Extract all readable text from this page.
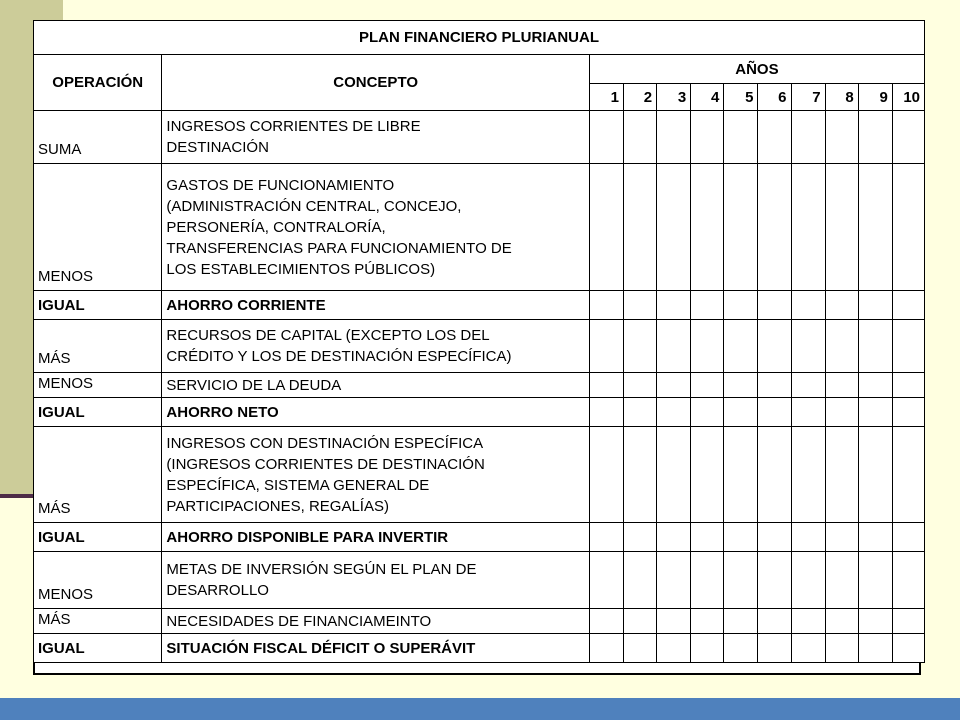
PLAN FINANCIERO PLURIANUAL											
OPERACIÓN	CONCEPTO	AÑOS									
		1	2	3	4	5	6	7	8	9	10
SUMA	INGRESOS CORRIENTES DE LIBRE
DESTINACIÓN										
MENOS	GASTOS DE FUNCIONAMIENTO
(ADMINISTRACIÓN CENTRAL, CONCEJO,
PERSONERÍA, CONTRALORÍA,
TRANSFERENCIAS PARA FUNCIONAMIENTO DE
LOS ESTABLECIMIENTOS PÚBLICOS)										
IGUAL	AHORRO CORRIENTE										
MÁS	RECURSOS DE CAPITAL (EXCEPTO LOS DEL
CRÉDITO Y LOS DE DESTINACIÓN ESPECÍFICA)										
MENOS	SERVICIO DE LA DEUDA										
IGUAL	AHORRO NETO										
MÁS	INGRESOS CON DESTINACIÓN ESPECÍFICA
(INGRESOS CORRIENTES DE DESTINACIÓN
ESPECÍFICA, SISTEMA GENERAL DE
PARTICIPACIONES, REGALÍAS)										
IGUAL	AHORRO DISPONIBLE PARA INVERTIR										
MENOS	METAS DE INVERSIÓN SEGÚN EL PLAN DE
DESARROLLO										
MÁS	NECESIDADES DE FINANCIAMEINTO										
IGUAL	SITUACIÓN FISCAL DÉFICIT O SUPERÁVIT										
